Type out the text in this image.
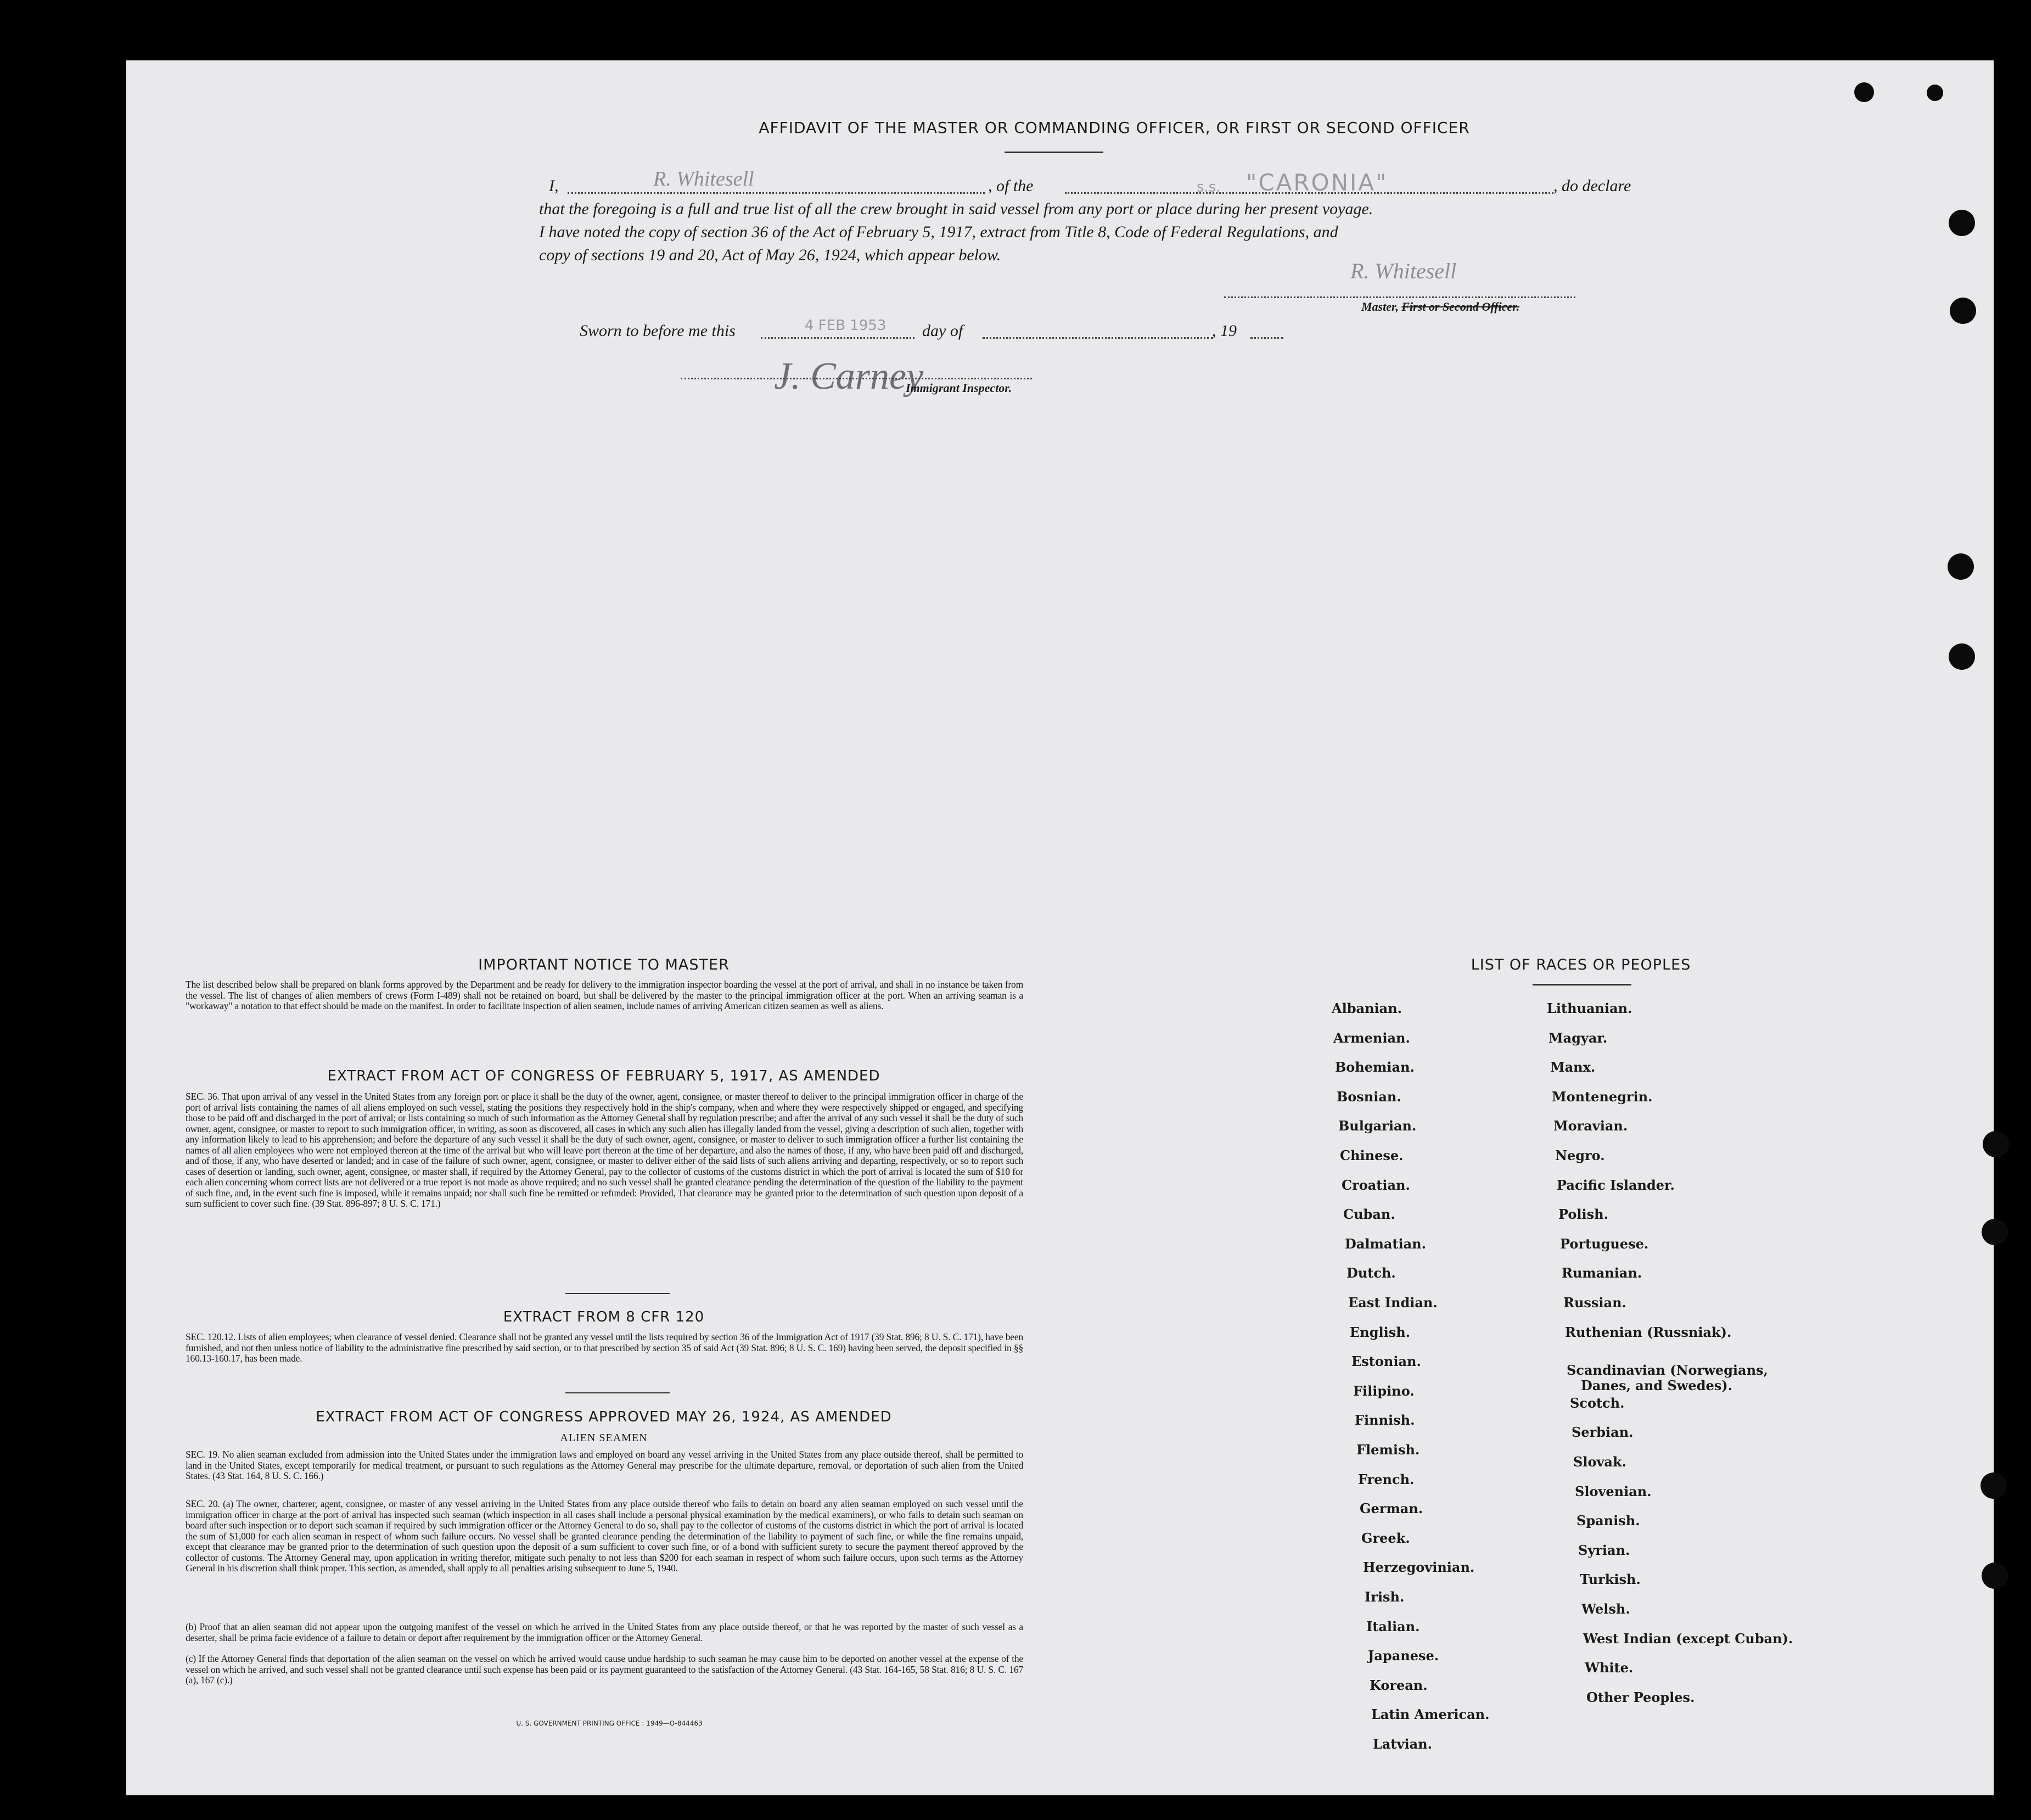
AFFIDAVIT OF THE MASTER OR COMMANDING OFFICER, OR FIRST OR SECOND OFFICER
I,	R. Whitesell	, of the	s.s. "CARONIA"	, do declare
that the foregoing is a full and true list of all the crew brought in said vessel from any port or place during her present voyage.
I have noted the copy of section 36 of the Act of February 5, 1917, extract from Title 8, Code of Federal Regulations, and
copy of sections 19 and 20, Act of May 26, 1924, which appear below.
R. Whitesell
Master, First or Second Officer.
Sworn to before me this	4 FEB 1953 day of	, 19
J. Carney
Immigrant Inspector.
IMPORTANT NOTICE TO MASTER
The list described below shall be prepared on blank forms approved by the Department and be ready for delivery to the immigration inspector boarding the vessel at the port of arrival, and shall in no instance be taken from the vessel. The list of changes of alien members of crews (Form I-489) shall not be retained on board, but shall be delivered by the master to the principal immigration officer at the port. When an arriving seaman is a "workaway" a notation to that effect should be made on the manifest. In order to facilitate inspection of alien seamen, include names of arriving American citizen seamen as well as aliens.
EXTRACT FROM ACT OF CONGRESS OF FEBRUARY 5, 1917, AS AMENDED
SEC. 36. That upon arrival of any vessel in the United States from any foreign port or place it shall be the duty of the owner, agent, consignee, or master thereof to deliver to the principal immigration officer in charge of the port of arrival lists containing the names of all aliens employed on such vessel, stating the positions they respectively hold in the ship's company, when and where they were respectively shipped or engaged, and specifying those to be paid off and discharged in the port of arrival; or lists containing so much of such information as the Attorney General shall by regulation prescribe; and after the arrival of any such vessel it shall be the duty of such owner, agent, consignee, or master to report to such immigration officer, in writing, as soon as discovered, all cases in which any such alien has illegally landed from the vessel, giving a description of such alien, together with any information likely to lead to his apprehension; and before the departure of any such vessel it shall be the duty of such owner, agent, consignee, or master to deliver to such immigration officer a further list containing the names of all alien employees who were not employed thereon at the time of the arrival but who will leave port thereon at the time of her departure, and also the names of those, if any, who have been paid off and discharged, and of those, if any, who have deserted or landed; and in case of the failure of such owner, agent, consignee, or master to deliver either of the said lists of such aliens arriving and departing, respectively, or so to report such cases of desertion or landing, such owner, agent, consignee, or master shall, if required by the Attorney General, pay to the collector of customs of the customs district in which the port of arrival is located the sum of $10 for each alien concerning whom correct lists are not delivered or a true report is not made as above required; and no such vessel shall be granted clearance pending the determination of the question of the liability to the payment of such fine, and, in the event such fine is imposed, while it remains unpaid; nor shall such fine be remitted or refunded: Provided, That clearance may be granted prior to the determination of such question upon deposit of a sum sufficient to cover such fine. (39 Stat. 896-897; 8 U. S. C. 171.)
EXTRACT FROM 8 CFR 120
SEC. 120.12. Lists of alien employees; when clearance of vessel denied. Clearance shall not be granted any vessel until the lists required by section 36 of the Immigration Act of 1917 (39 Stat. 896; 8 U. S. C. 171), have been furnished, and not then unless notice of liability to the administrative fine prescribed by said section, or to that prescribed by section 35 of said Act (39 Stat. 896; 8 U. S. C. 169) having been served, the deposit specified in §§ 160.13-160.17, has been made.
EXTRACT FROM ACT OF CONGRESS APPROVED MAY 26, 1924, AS AMENDED
ALIEN SEAMEN
SEC. 19. No alien seaman excluded from admission into the United States under the immigration laws and employed on board any vessel arriving in the United States from any place outside thereof, shall be permitted to land in the United States, except temporarily for medical treatment, or pursuant to such regulations as the Attorney General may prescribe for the ultimate departure, removal, or deportation of such alien from the United States. (43 Stat. 164, 8 U. S. C. 166.)
SEC. 20. (a) The owner, charterer, agent, consignee, or master of any vessel arriving in the United States from any place outside thereof who fails to detain on board any alien seaman employed on such vessel until the immigration officer in charge at the port of arrival has inspected such seaman (which inspection in all cases shall include a personal physical examination by the medical examiners), or who fails to detain such seaman on board after such inspection or to deport such seaman if required by such immigration officer or the Attorney General to do so, shall pay to the collector of customs of the customs district in which the port of arrival is located the sum of $1,000 for each alien seaman in respect of whom such failure occurs. No vessel shall be granted clearance pending the determination of the liability to payment of such fine, or while the fine remains unpaid, except that clearance may be granted prior to the determination of such question upon the deposit of a sum sufficient to cover such fine, or of a bond with sufficient surety to secure the payment thereof approved by the collector of customs. The Attorney General may, upon application in writing therefor, mitigate such penalty to not less than $200 for each seaman in respect of whom such failure occurs, upon such terms as the Attorney General in his discretion shall think proper. This section, as amended, shall apply to all penalties arising subsequent to June 5, 1940.
(b) Proof that an alien seaman did not appear upon the outgoing manifest of the vessel on which he arrived in the United States from any place outside thereof, or that he was reported by the master of such vessel as a deserter, shall be prima facie evidence of a failure to detain or deport after requirement by the immigration officer or the Attorney General.
(c) If the Attorney General finds that deportation of the alien seaman on the vessel on which he arrived would cause undue hardship to such seaman he may cause him to be deported on another vessel at the expense of the vessel on which he arrived, and such vessel shall not be granted clearance until such expense has been paid or its payment guaranteed to the satisfaction of the Attorney General. (43 Stat. 164-165, 58 Stat. 816; 8 U. S. C. 167 (a), 167 (c).)
U. S. GOVERNMENT PRINTING OFFICE : 1949—O-844463
LIST OF RACES OR PEOPLES
Albanian.
Armenian.
Bohemian.
Bosnian.
Bulgarian.
Chinese.
Croatian.
Cuban.
Dalmatian.
Dutch.
East Indian.
English.
Estonian.
Filipino.
Finnish.
Flemish.
French.
German.
Greek.
Herzegovinian.
Irish.
Italian.
Japanese.
Korean.
Latin American.
Latvian.
Lithuanian.
Magyar.
Manx.
Montenegrin.
Moravian.
Negro.
Pacific Islander.
Polish.
Portuguese.
Rumanian.
Russian.
Ruthenian (Russniak).
Scandinavian (Norwegians,
Danes, and Swedes).
Scotch.
Serbian.
Slovak.
Slovenian.
Spanish.
Syrian.
Turkish.
Welsh.
West Indian (except Cuban).
White.
Other Peoples.
